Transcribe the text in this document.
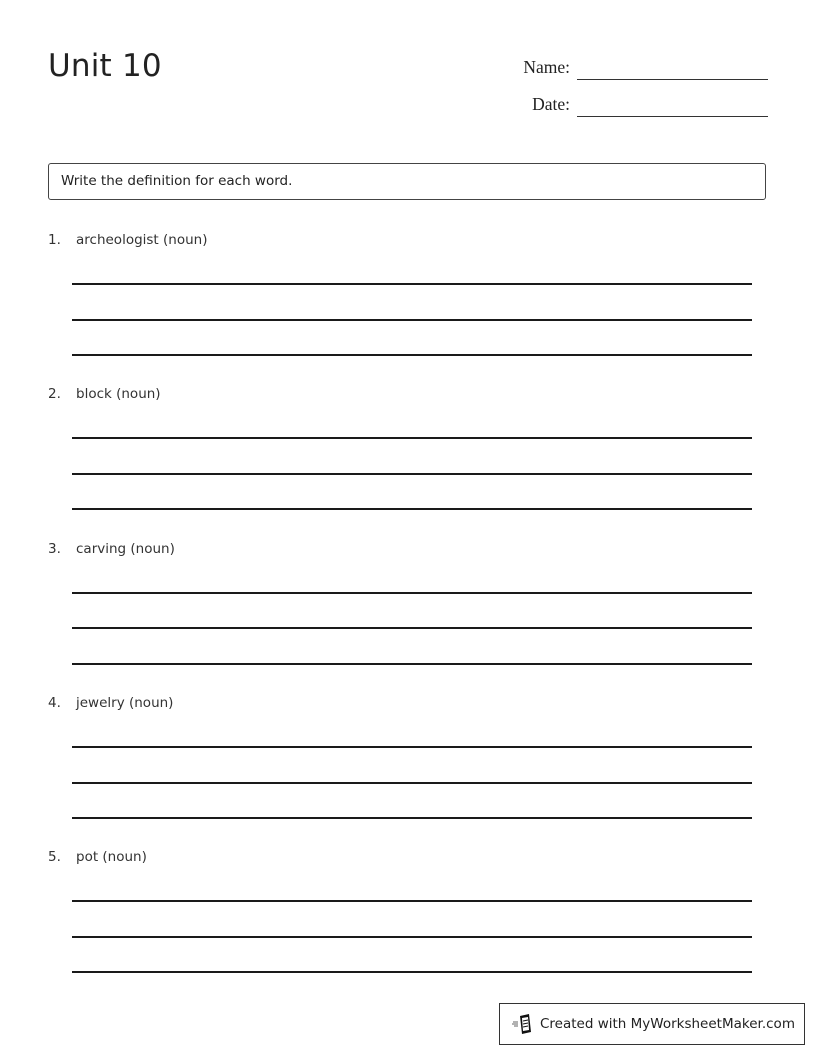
Unit 10	Name:
Date:
Write the definition for each word.
1. archeologist (noun)
2. block (noun)
3. carving (noun)
4. jewelry (noun)
5. pot (noun)
Created with MyWorksheetMaker.com
